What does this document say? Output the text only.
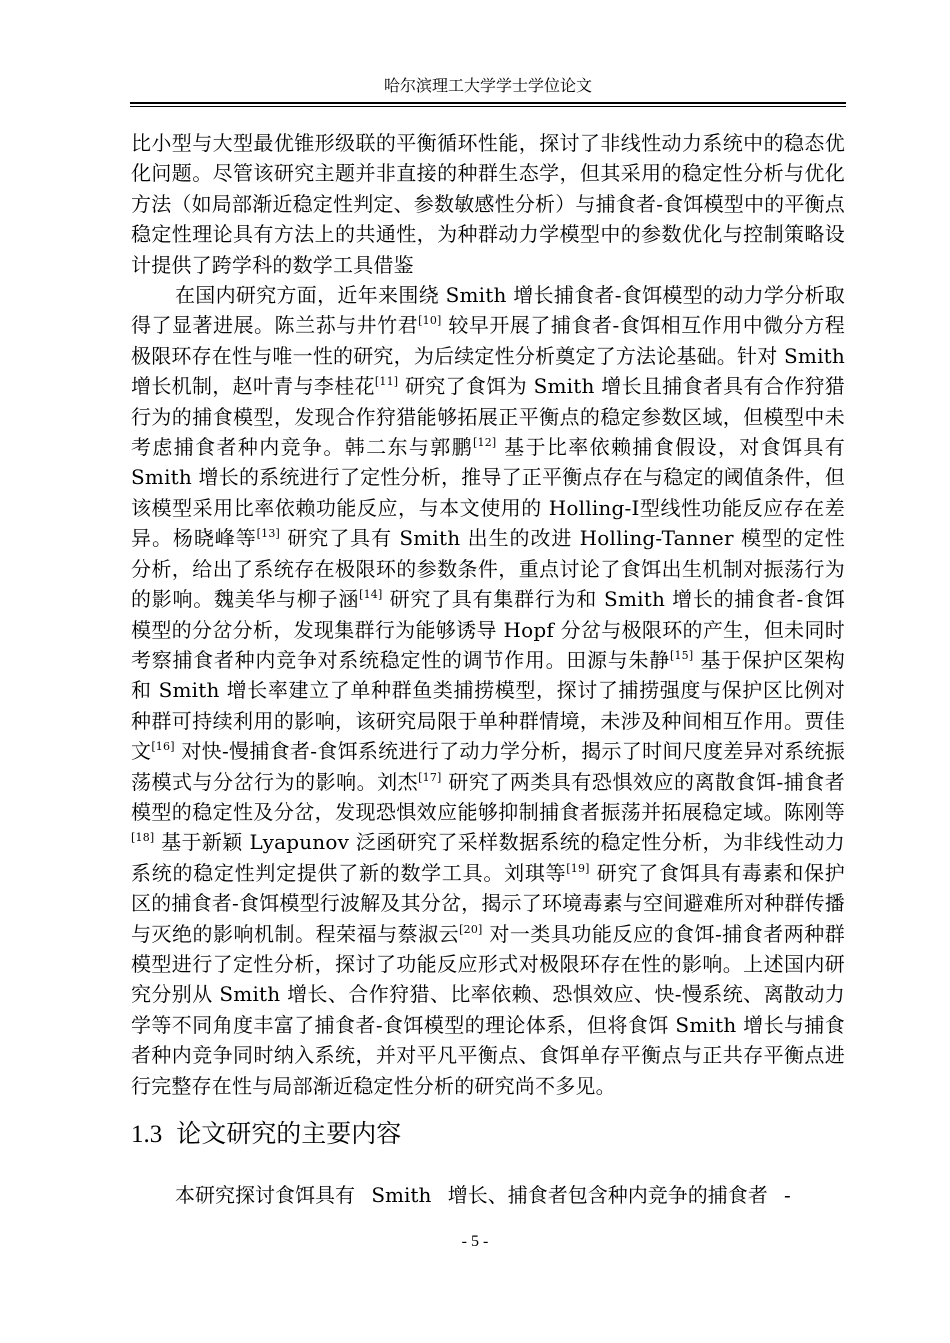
哈尔滨理工大学学士学位论文

比小型与大型最优锥形级联的平衡循环性能，探讨了非线性动力系统中的稳态优化问题。尽管该研究主题并非直接的种群生态学，但其采用的稳定性分析与优化方法（如局部渐近稳定性判定、参数敏感性分析）与捕食者-食饵模型中的平衡点稳定性理论具有方法上的共通性，为种群动力学模型中的参数优化与控制策略设计提供了跨学科的数学工具借鉴

在国内研究方面，近年来围绕 Smith 增长捕食者-食饵模型的动力学分析取得了显著进展。陈兰荪与井竹君[10] 较早开展了捕食者-食饵相互作用中微分方程极限环存在性与唯一性的研究，为后续定性分析奠定了方法论基础。针对 Smith 增长机制，赵叶青与李桂花[11] 研究了食饵为 Smith 增长且捕食者具有合作狩猎行为的捕食模型，发现合作狩猎能够拓展正平衡点的稳定参数区域，但模型中未考虑捕食者种内竞争。韩二东与郭鹏[12] 基于比率依赖捕食假设，对食饵具有 Smith 增长的系统进行了定性分析，推导了正平衡点存在与稳定的阈值条件，但该模型采用比率依赖功能反应，与本文使用的 Holling-I型线性功能反应存在差异。杨晓峰等[13] 研究了具有 Smith 出生的改进 Holling-Tanner 模型的定性分析，给出了系统存在极限环的参数条件，重点讨论了食饵出生机制对振荡行为的影响。魏美华与柳子涵[14] 研究了具有集群行为和 Smith 增长的捕食者-食饵模型的分岔分析，发现集群行为能够诱导 Hopf 分岔与极限环的产生，但未同时考察捕食者种内竞争对系统稳定性的调节作用。田源与朱静[15] 基于保护区架构和 Smith 增长率建立了单种群鱼类捕捞模型，探讨了捕捞强度与保护区比例对种群可持续利用的影响，该研究局限于单种群情境，未涉及种间相互作用。贾佳文[16] 对快-慢捕食者-食饵系统进行了动力学分析，揭示了时间尺度差异对系统振荡模式与分岔行为的影响。刘杰[17] 研究了两类具有恐惧效应的离散食饵-捕食者模型的稳定性及分岔，发现恐惧效应能够抑制捕食者振荡并拓展稳定域。陈刚等[18] 基于新颖 Lyapunov 泛函研究了采样数据系统的稳定性分析，为非线性动力系统的稳定性判定提供了新的数学工具。刘琪等[19] 研究了食饵具有毒素和保护区的捕食者-食饵模型行波解及其分岔，揭示了环境毒素与空间避难所对种群传播与灭绝的影响机制。程荣福与蔡淑云[20] 对一类具功能反应的食饵-捕食者两种群模型进行了定性分析，探讨了功能反应形式对极限环存在性的影响。上述国内研究分别从 Smith 增长、合作狩猎、比率依赖、恐惧效应、快-慢系统、离散动力学等不同角度丰富了捕食者-食饵模型的理论体系，但将食饵 Smith 增长与捕食者种内竞争同时纳入系统，并对平凡平衡点、食饵单存平衡点与正共存平衡点进行完整存在性与局部渐近稳定性分析的研究尚不多见。

1.3 论文研究的主要内容
本研究探讨食饵具有 Smith 增长、捕食者包含种内竞争的捕食者 -
- 5 -
